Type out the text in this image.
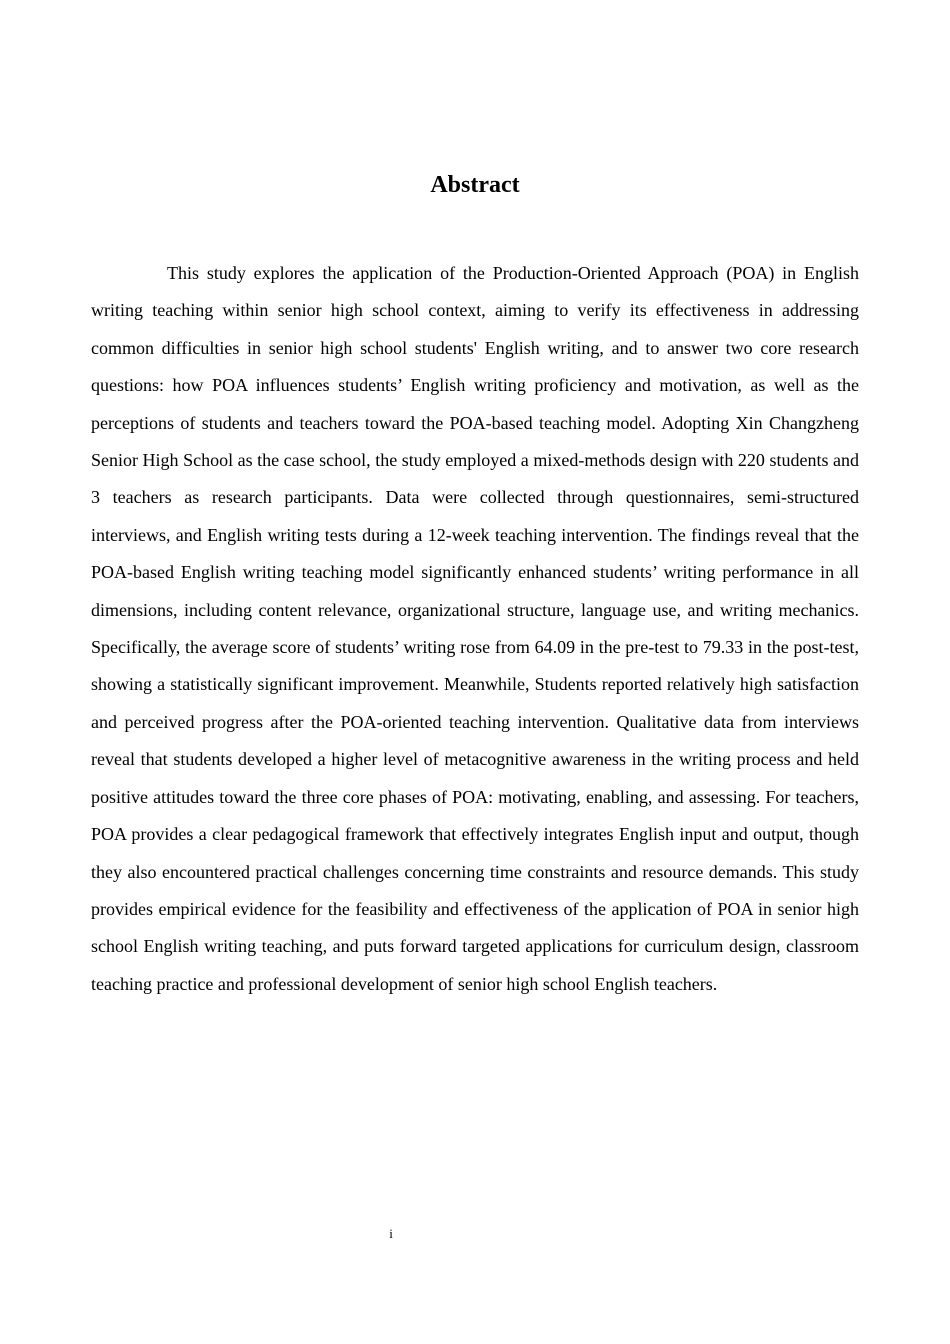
Abstract

This study explores the application of the Production-Oriented Approach (POA) in English writing teaching within senior high school context, aiming to verify its effectiveness in addressing common difficulties in senior high school students' English writing, and to answer two core research questions: how POA influences students’ English writing proficiency and motivation, as well as the perceptions of students and teachers toward the POA-based teaching model. Adopting Xin Changzheng Senior High School as the case school, the study employed a mixed-methods design with 220 students and 3 teachers as research participants. Data were collected through questionnaires, semi-structured interviews, and English writing tests during a 12-week teaching intervention. The findings reveal that the POA-based English writing teaching model significantly enhanced students’ writing performance in all dimensions, including content relevance, organizational structure, language use, and writing mechanics. Specifically, the average score of students’ writing rose from 64.09 in the pre-test to 79.33 in the post-test, showing a statistically significant improvement. Meanwhile, Students reported relatively high satisfaction and perceived progress after the POA-oriented teaching intervention. Qualitative data from interviews reveal that students developed a higher level of metacognitive awareness in the writing process and held positive attitudes toward the three core phases of POA: motivating, enabling, and assessing. For teachers, POA provides a clear pedagogical framework that effectively integrates English input and output, though they also encountered practical challenges concerning time constraints and resource demands. This study provides empirical evidence for the feasibility and effectiveness of the application of POA in senior high school English writing teaching, and puts forward targeted applications for curriculum design, classroom teaching practice and professional development of senior high school English teachers.

i
